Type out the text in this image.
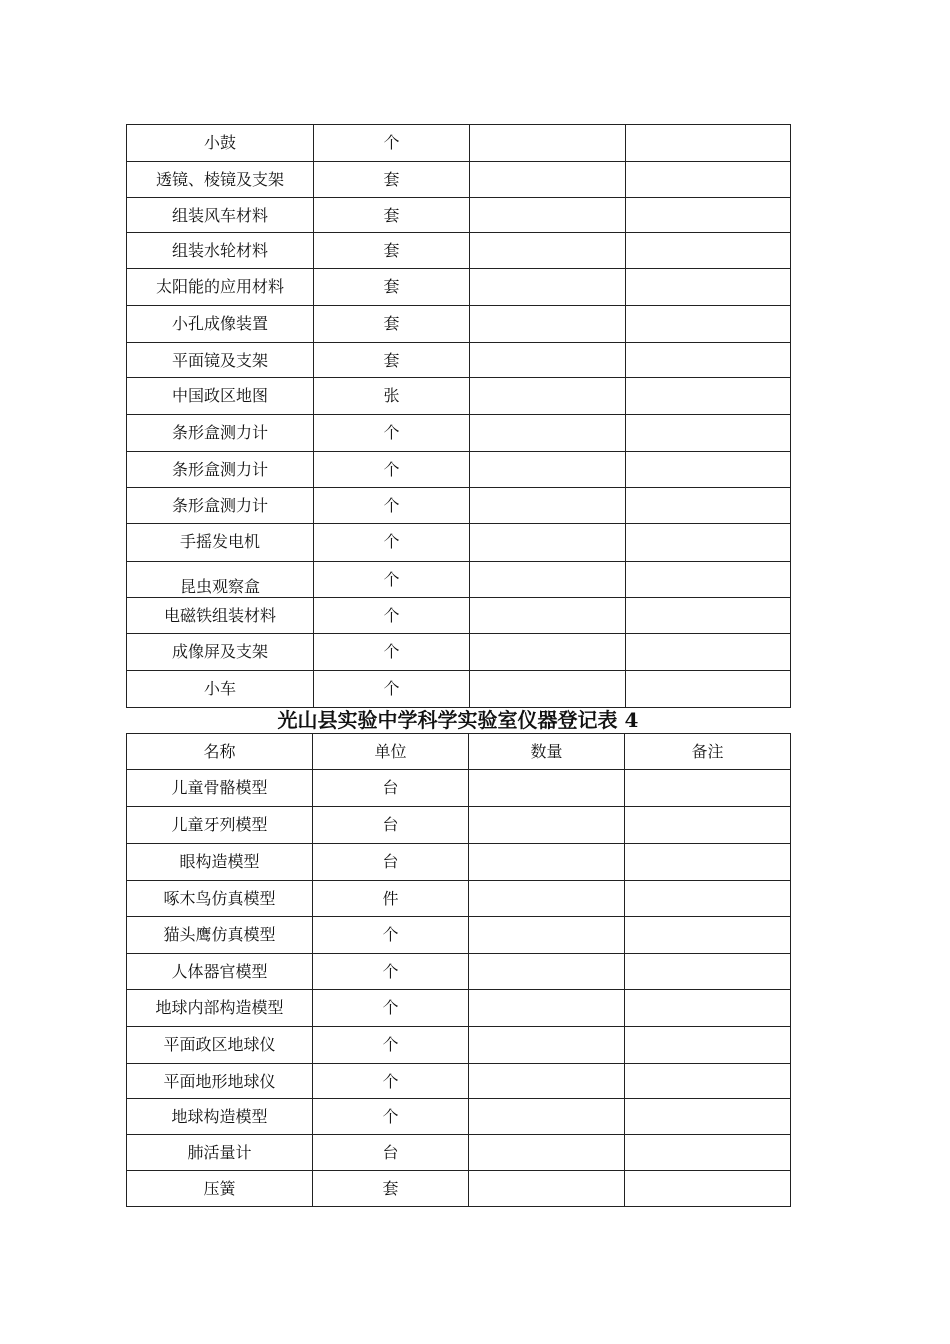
小鼓	个		
透镜、棱镜及支架	套		
组装风车材料	套		
组装水轮材料	套		
太阳能的应用材料	套		
小孔成像装置	套		
平面镜及支架	套		
中国政区地图	张		
条形盒测力计	个		
条形盒测力计	个		
条形盒测力计	个		
手摇发电机	个		
昆虫观察盒	个		
电磁铁组装材料	个		
成像屏及支架	个		
小车	个		
光山县实验中学科学实验室仪器登记表 4
名称	单位	数量	备注
儿童骨骼模型	台		
儿童牙列模型	台		
眼构造模型	台		
啄木鸟仿真模型	件		
猫头鹰仿真模型	个		
人体器官模型	个		
地球内部构造模型	个		
平面政区地球仪	个		
平面地形地球仪	个		
地球构造模型	个		
肺活量计	台		
压簧	套		
